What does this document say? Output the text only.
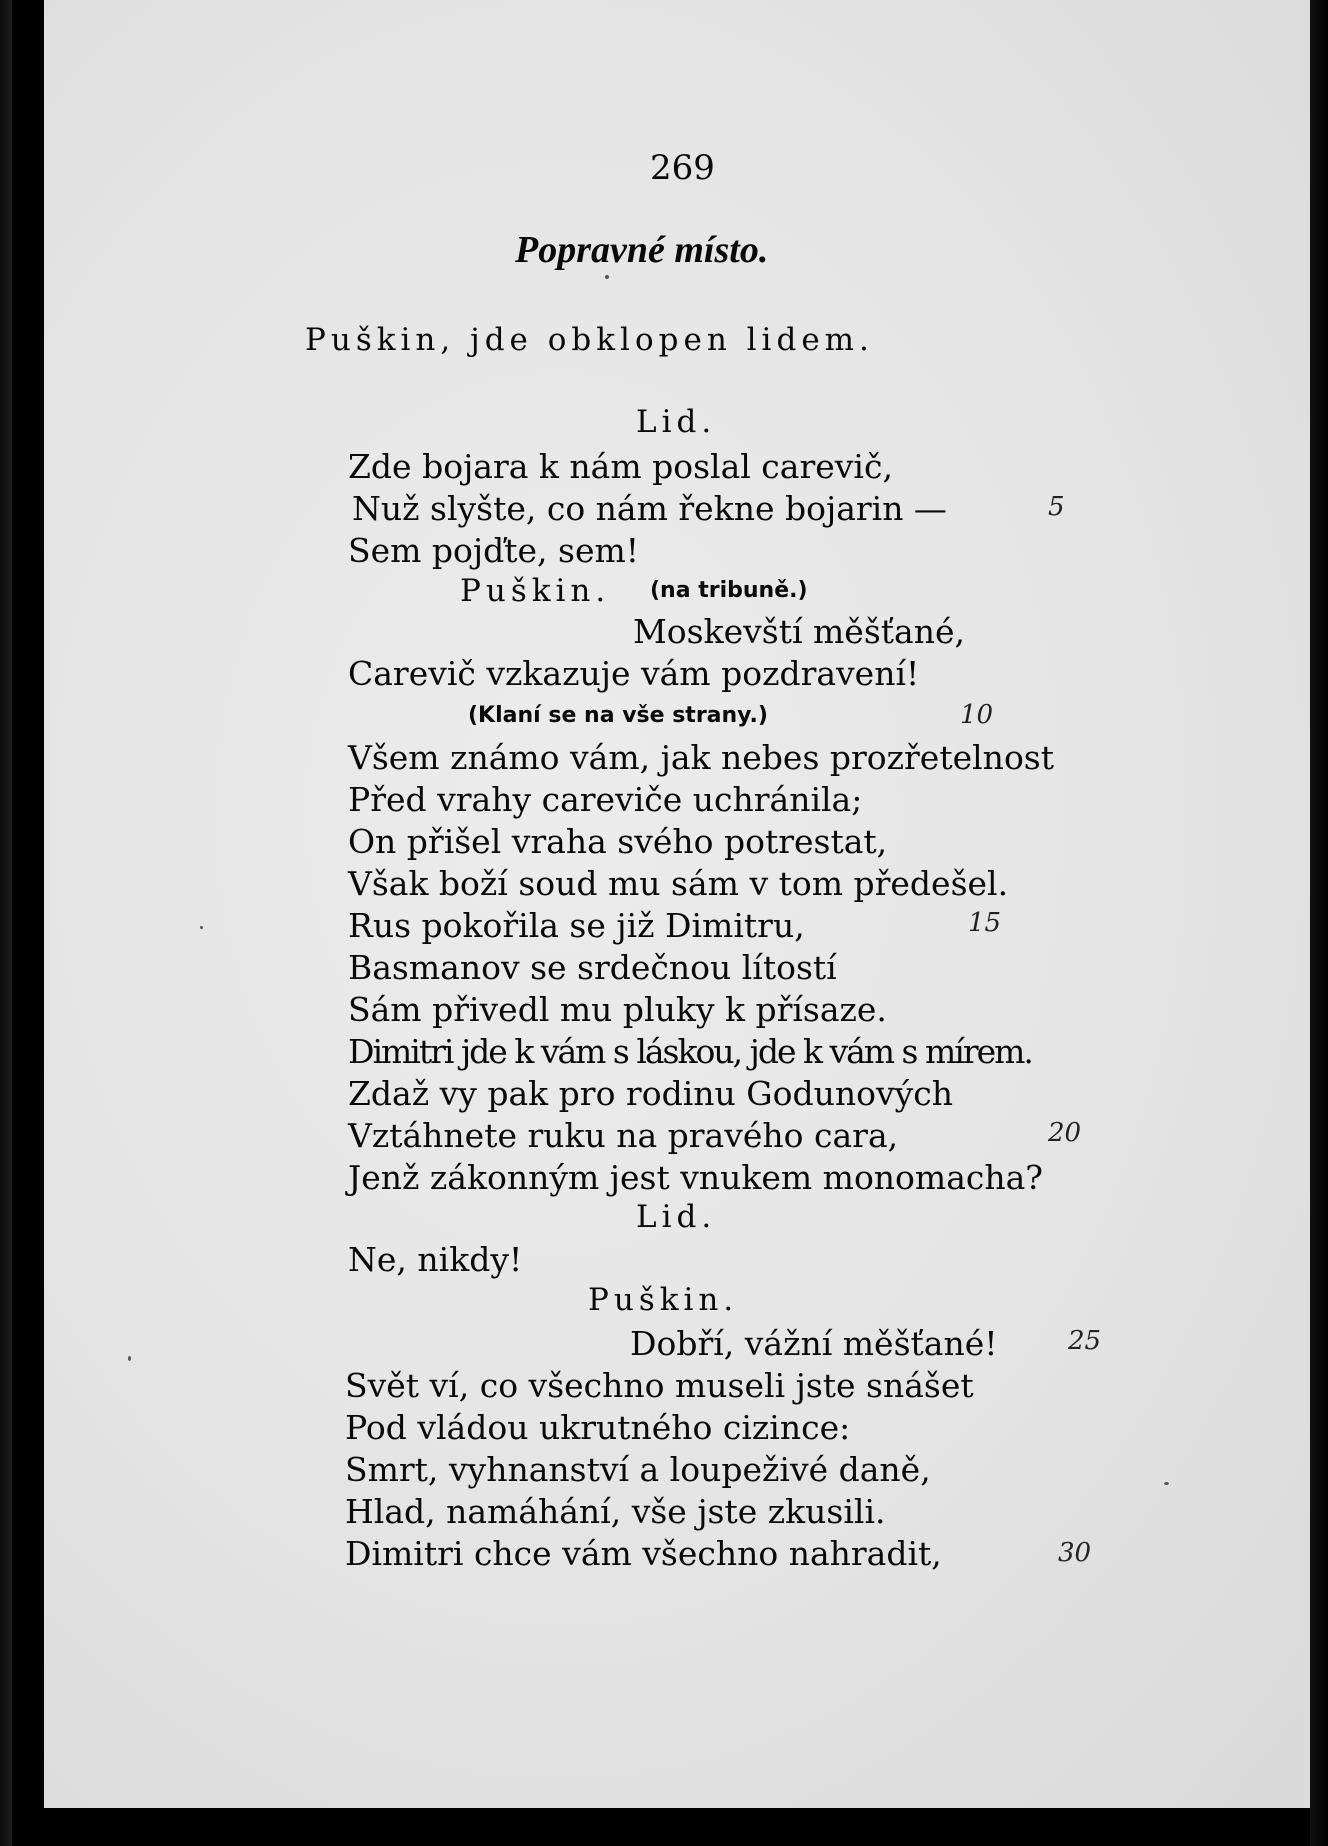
269
Popravné místo.
Puškin, jde obklopen lidem.
Lid.
Zde bojara k nám poslal carevič,
Nuž slyšte, co nám řekne bojarin —
Sem pojďte, sem!
Puškin. (na tribuně.)
Moskevští měšťané,
Carevič vzkazuje vám pozdravení!
(Klaní se na vše strany.)
Všem známo vám, jak nebes prozřetelnost
Před vrahy careviče uchránila;
On přišel vraha svého potrestat,
Však boží soud mu sám v tom předešel.
Rus pokořila se již Dimitru,
Basmanov se srdečnou lítostí
Sám přivedl mu pluky k přísaze.
Dimitri jde k vám s láskou, jde k vám s mírem.
Zdaž vy pak pro rodinu Godunových
Vztáhnete ruku na pravého cara,
Jenž zákonným jest vnukem monomacha?
Lid.
Ne, nikdy!
Puškin.
Dobří, vážní měšťané!
Svět ví, co všechno museli jste snášet
Pod vládou ukrutného cizince:
Smrt, vyhnanství a loupeživé daně,
Hlad, namáhání, vše jste zkusili.
Dimitri chce vám všechno nahradit,
5
10
15
20
25
30
